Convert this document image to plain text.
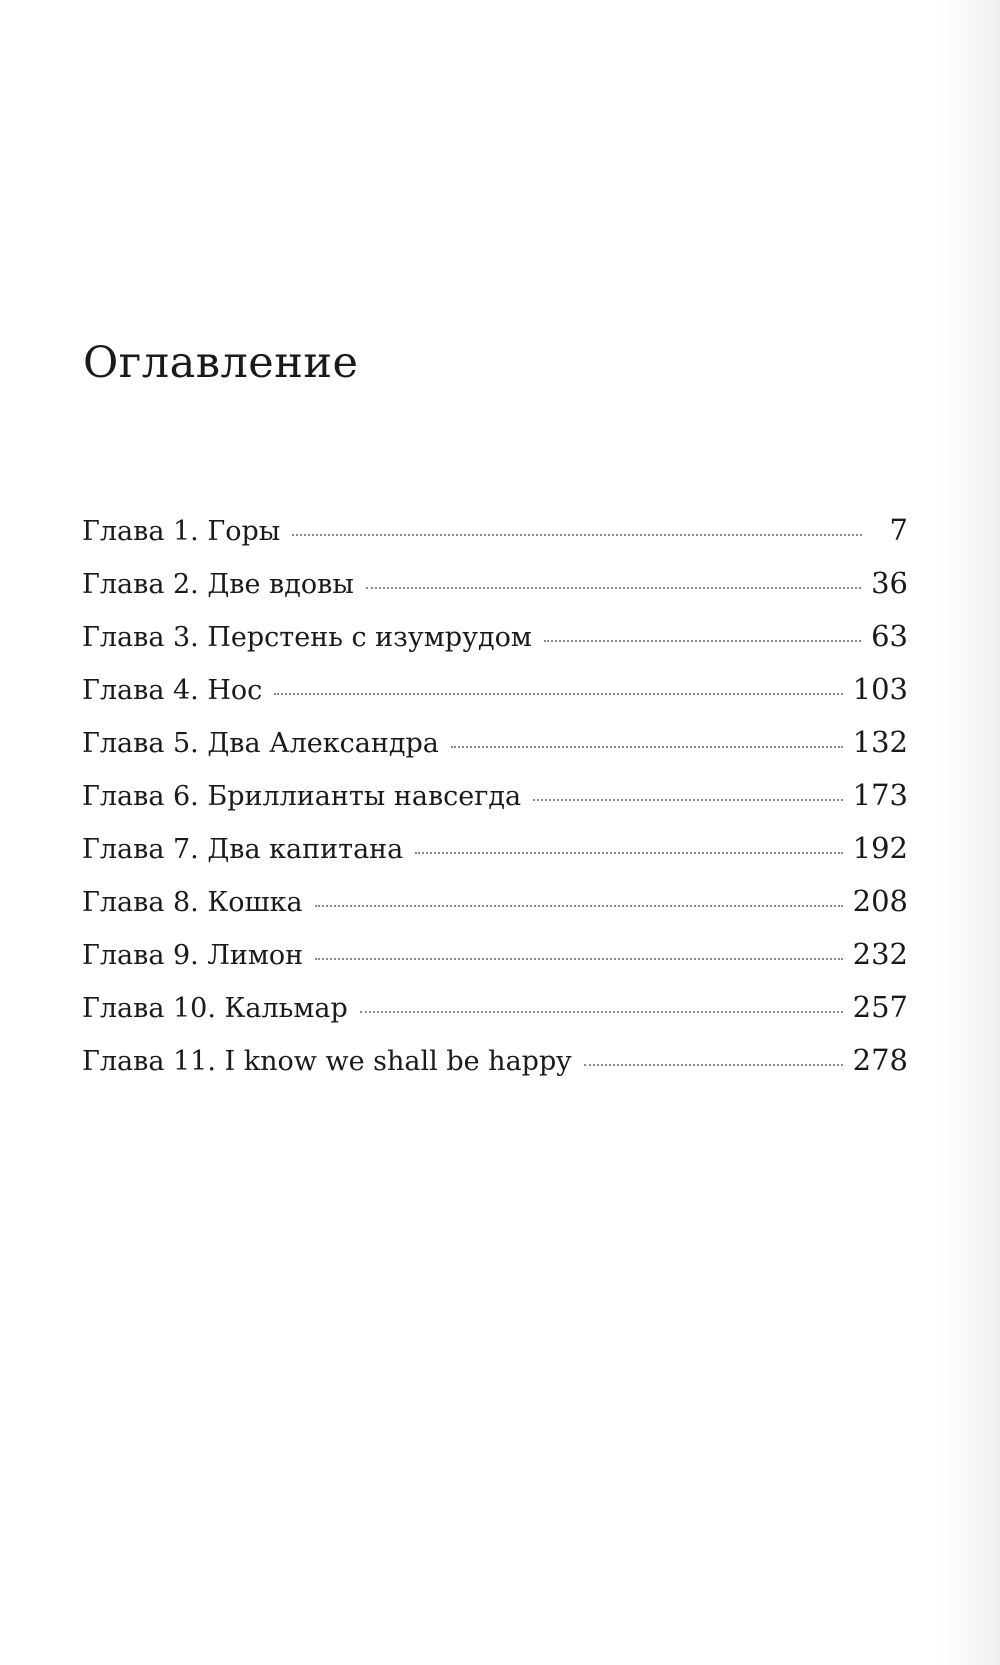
Оглавление
Глава 1. Горы	7
Глава 2. Две вдовы	36
Глава 3. Перстень с изумрудом	63
Глава 4. Нос	103
Глава 5. Два Александра	132
Глава 6. Бриллианты навсегда	173
Глава 7. Два капитана	192
Глава 8. Кошка	208
Глава 9. Лимон	232
Глава 10. Кальмар	257
Глава 11. I know we shall be happy	278
